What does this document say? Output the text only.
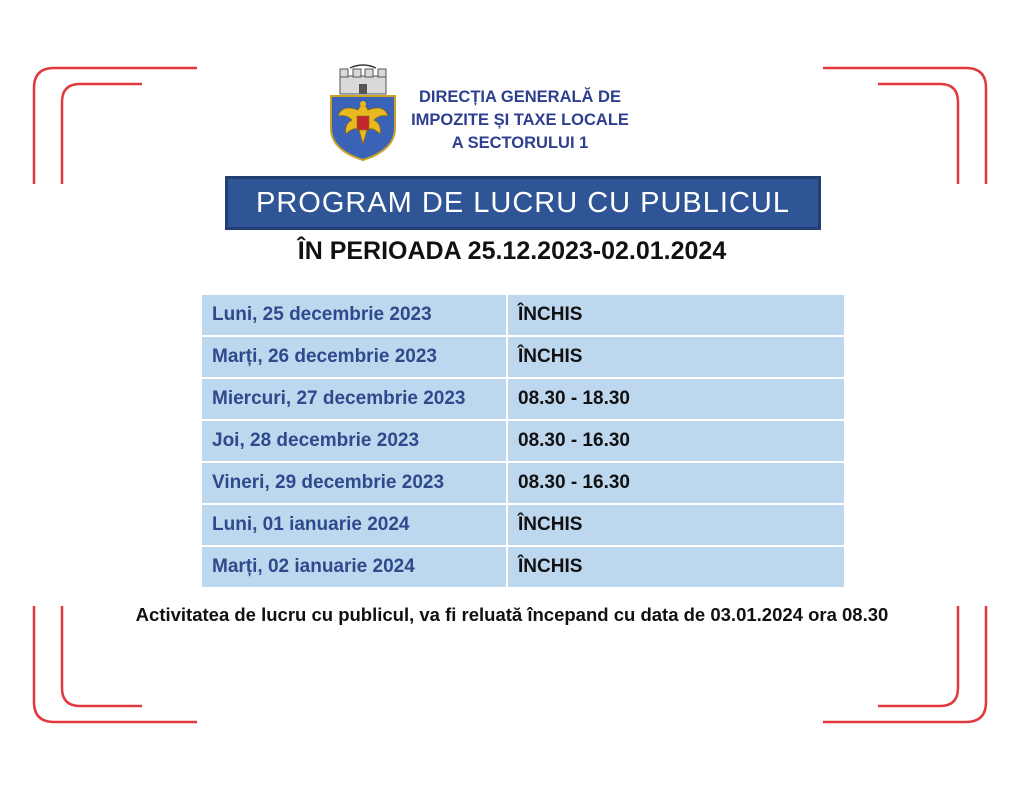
DIRECȚIA GENERALĂ DE
IMPOZITE ȘI TAXE LOCALE
A SECTORULUI 1
PROGRAM DE LUCRU CU PUBLICUL
ÎN PERIOADA 25.12.2023-02.01.2024
Luni, 25 decembrie 2023	ÎNCHIS
Marți, 26 decembrie 2023	ÎNCHIS
Miercuri, 27 decembrie 2023	08.30 - 18.30
Joi, 28 decembrie 2023	08.30 - 16.30
Vineri, 29 decembrie 2023	08.30 - 16.30
Luni, 01 ianuarie 2024	ÎNCHIS
Marți, 02 ianuarie 2024	ÎNCHIS
Activitatea de lucru cu publicul, va fi reluată începand cu data de 03.01.2024 ora 08.30
